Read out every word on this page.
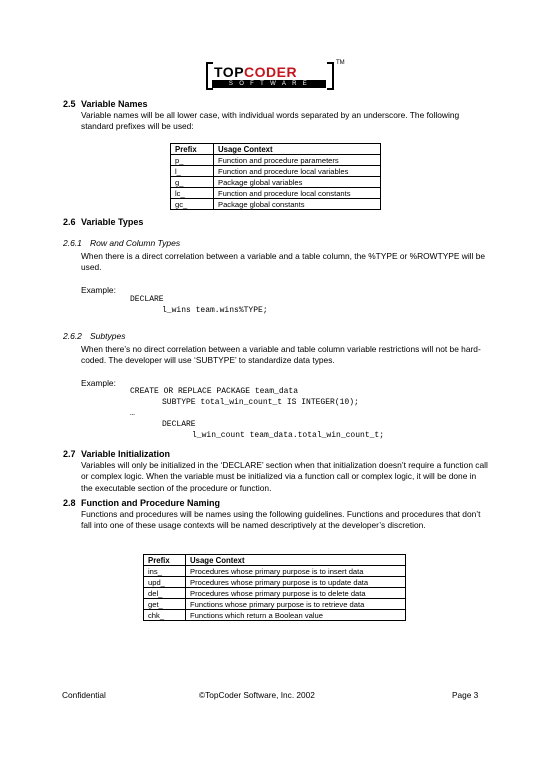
TOPCODER
SOFTWARE
TM
2.5 Variable Names
Variable names will be all lower case, with individual words separated by an underscore. The following standard prefixes will be used:
Prefix	Usage Context
p_	Function and procedure parameters
l_	Function and procedure local variables
g_	Package global variables
lc_	Function and procedure local constants
gc_	Package global constants
2.6 Variable Types
2.6.1 Row and Column Types
When there is a direct correlation between a variable and a table column, the %TYPE or %ROWTYPE will be used.
Example:
DECLARE
l_wins team.wins%TYPE;
2.6.2 Subtypes
When there’s no direct correlation between a variable and table column variable restrictions will not be hard-coded. The developer will use ‘SUBTYPE’ to standardize data types.
Example:
CREATE OR REPLACE PACKAGE team_data
SUBTYPE total_win_count_t IS INTEGER(10);
…
DECLARE
l_win_count team_data.total_win_count_t;
2.7 Variable Initialization
Variables will only be initialized in the ‘DECLARE’ section when that initialization doesn’t require a function call or complex logic. When the variable must be initialized via a function call or complex logic, it will be done in the executable section of the procedure or function.
2.8 Function and Procedure Naming
Functions and procedures will be names using the following guidelines. Functions and procedures that don’t fall into one of these usage contexts will be named descriptively at the developer’s discretion.
Prefix	Usage Context
ins_	Procedures whose primary purpose is to insert data
upd_	Procedures whose primary purpose is to update data
del_	Procedures whose primary purpose is to delete data
get_	Functions whose primary purpose is to retrieve data
chk_	Functions which return a Boolean value
Confidential	©TopCoder Software, Inc. 2002	Page 3
